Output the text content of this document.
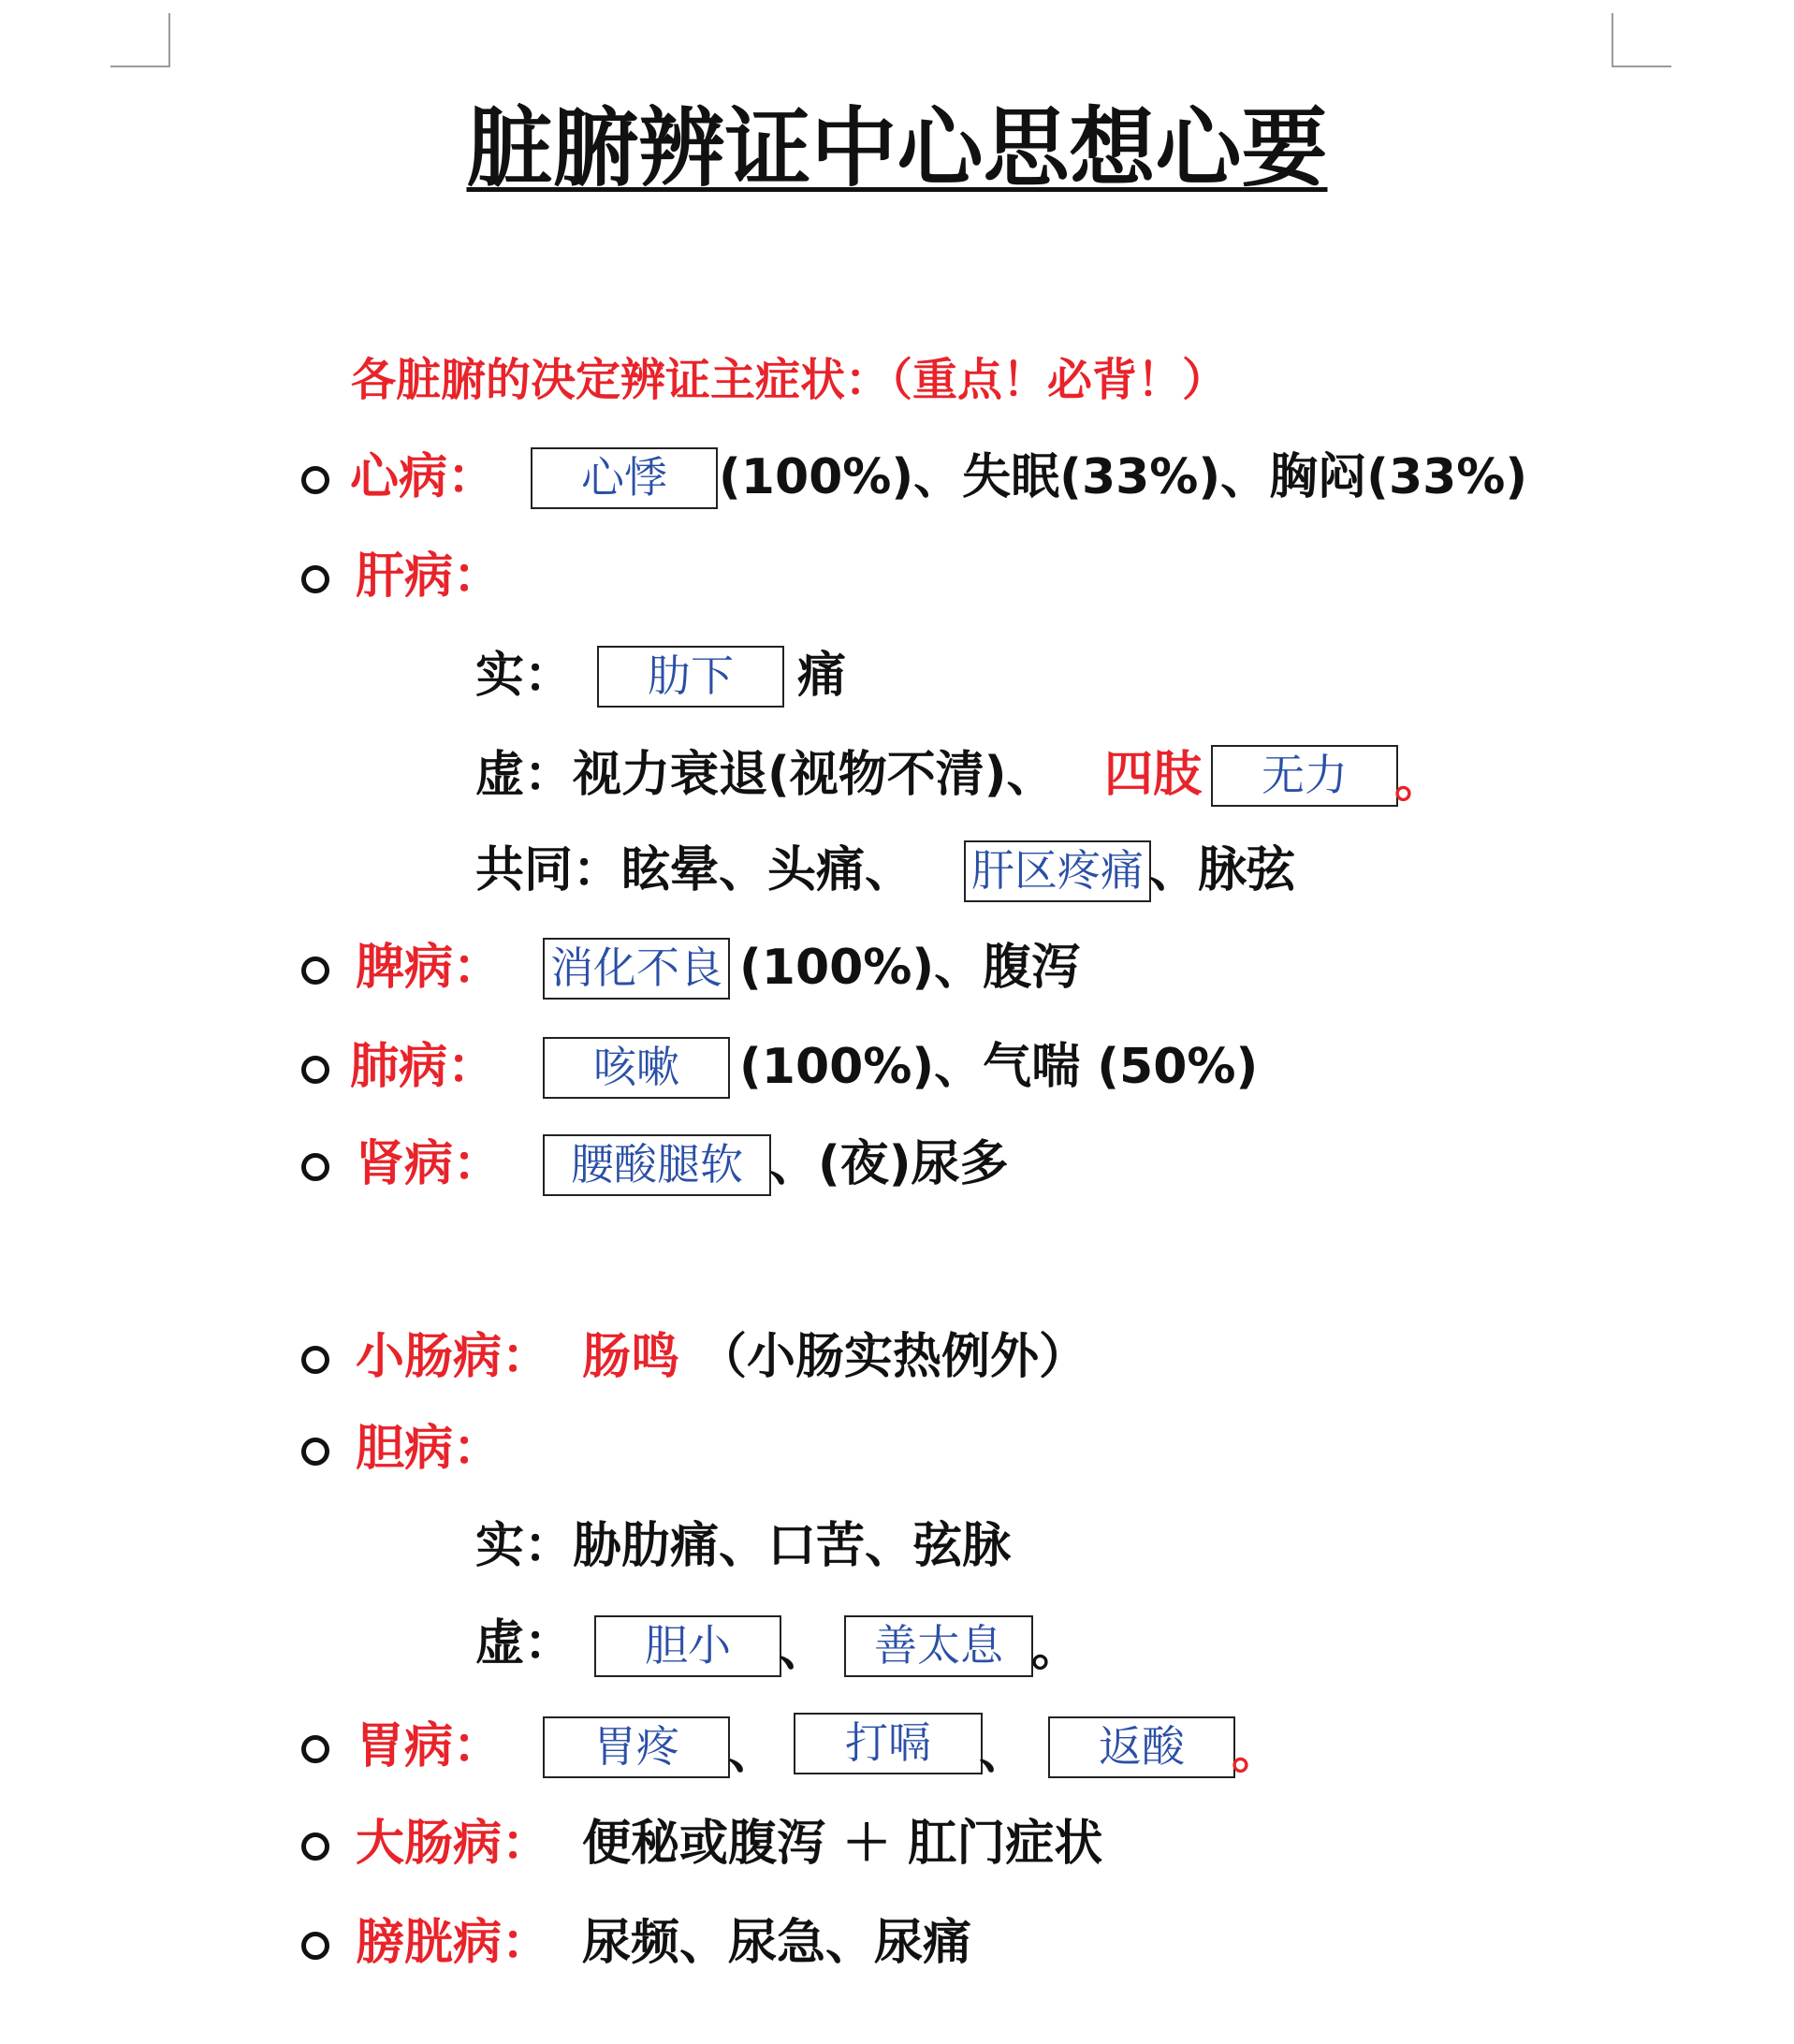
脏腑辨证中心思想心要
各脏腑的决定辨证主症状：（重点！必背！）
心病：	心悸	(100%)、失眠(33%)、胸闷(33%)
肝病：
实：	肋下	痛
虚：视力衰退(视物不清)、 四肢	无力 。
共同：眩晕、头痛、 肝区疼痛 、脉弦
脾病： 消化不良 (100%)、腹泻
肺病：	咳嗽	(100%)、气喘 (50%)
肾病：	腰酸腿软 、(夜)尿多
小肠病： 肠鸣 （小肠实热例外）
胆病：
实：胁肋痛、口苦、弦脉
虚：	胆小 、	善太息 。
胃病：	胃疼	、	打嗝 、	返酸 。
大肠病： 便秘或腹泻 ＋ 肛门症状
膀胱病： 尿频、尿急、尿痛
